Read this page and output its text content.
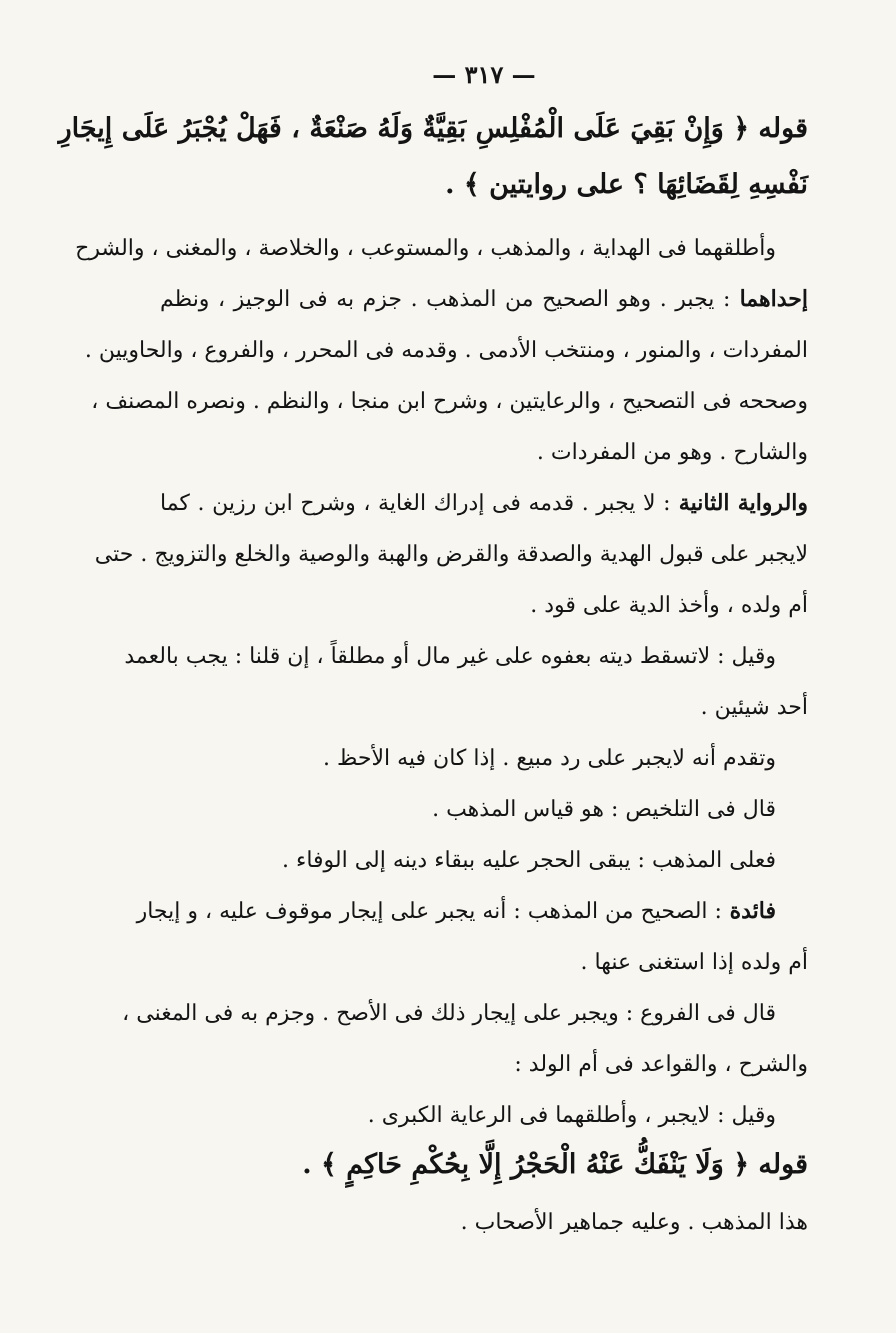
— ٣١٧ —
قوله ﴿ وَإِنْ بَقِيَ عَلَى الْمُفْلِسِ بَقِيَّةٌ وَلَهُ صَنْعَةٌ ، فَهَلْ يُجْبَرُ عَلَى إِيجَارِ
نَفْسِهِ لِقَضَائِهَا ؟ على روايتين ﴾ .
وأطلقهما فى الهداية ، والمذهب ، والمستوعب ، والخلاصة ، والمغنى ، والشرح
إحداهما : يجبر . وهو الصحيح من المذهب . جزم به فى الوجيز ، ونظم
المفردات ، والمنور ، ومنتخب الأدمى . وقدمه فى المحرر ، والفروع ، والحاويين .
وصححه فى التصحيح ، والرعايتين ، وشرح ابن منجا ، والنظم . ونصره المصنف ،
والشارح . وهو من المفردات .
والرواية الثانية : لا يجبر . قدمه فى إدراك الغاية ، وشرح ابن رزين . كما
لايجبر على قبول الهدية والصدقة والقرض والهبة والوصية والخلع والتزويج . حتى
أم ولده ، وأخذ الدية على قود .
وقيل : لاتسقط ديته بعفوه على غير مال أو مطلقاً ، إن قلنا : يجب بالعمد
أحد شيئين .
وتقدم أنه لايجبر على رد مبيع . إذا كان فيه الأحظ .
قال فى التلخيص : هو قياس المذهب .
فعلى المذهب : يبقى الحجر عليه ببقاء دينه إلى الوفاء .
فائدة : الصحيح من المذهب : أنه يجبر على إيجار موقوف عليه ، و إيجار
أم ولده إذا استغنى عنها .
قال فى الفروع : ويجبر على إيجار ذلك فى الأصح . وجزم به فى المغنى ،
والشرح ، والقواعد فى أم الولد :
وقيل : لايجبر ، وأطلقهما فى الرعاية الكبرى .
قوله ﴿ وَلَا يَنْفَكُّ عَنْهُ الْحَجْرُ إِلَّا بِحُكْمِ حَاكِمٍ ﴾ .
هذا المذهب . وعليه جماهير الأصحاب .
